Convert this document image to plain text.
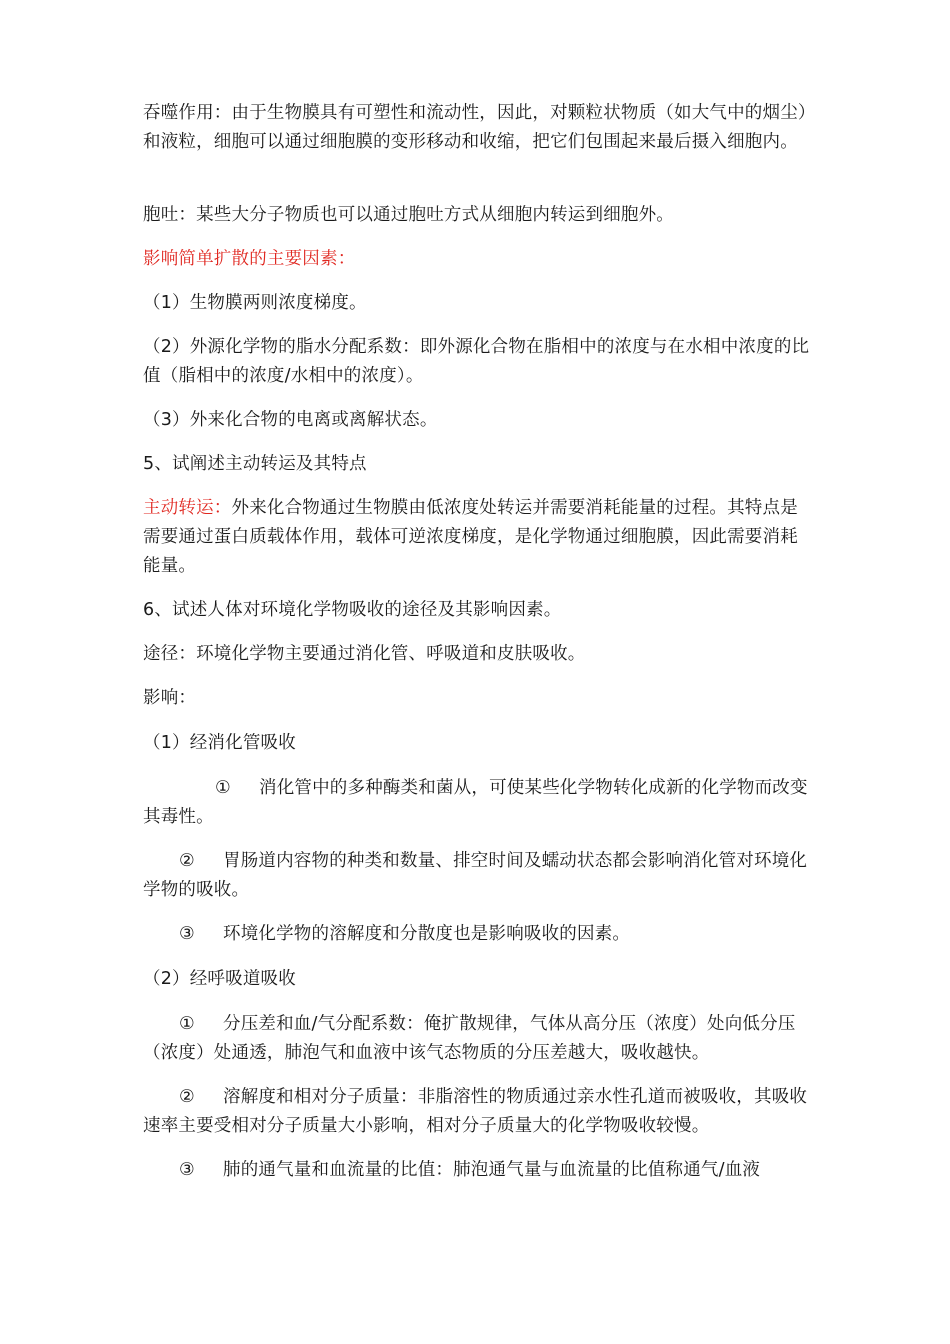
吞噬作用：由于生物膜具有可塑性和流动性，因此，对颗粒状物质（如大气中的烟尘）和液粒，细胞可以通过细胞膜的变形移动和收缩，把它们包围起来最后摄入细胞内。

胞吐：某些大分子物质也可以通过胞吐方式从细胞内转运到细胞外。

影响简单扩散的主要因素：

（1）生物膜两则浓度梯度。

（2）外源化学物的脂水分配系数：即外源化合物在脂相中的浓度与在水相中浓度的比值（脂相中的浓度/水相中的浓度）。

（3）外来化合物的电离或离解状态。

5、试阐述主动转运及其特点

主动转运：外来化合物通过生物膜由低浓度处转运并需要消耗能量的过程。其特点是需要通过蛋白质载体作用，载体可逆浓度梯度，是化学物通过细胞膜，因此需要消耗能量。

6、试述人体对环境化学物吸收的途径及其影响因素。

途径：环境化学物主要通过消化管、呼吸道和皮肤吸收。

影响：

（1）经消化管吸收

① 消化管中的多种酶类和菌从，可使某些化学物转化成新的化学物而改变其毒性。

② 胃肠道内容物的种类和数量、排空时间及蠕动状态都会影响消化管对环境化学物的吸收。

③ 环境化学物的溶解度和分散度也是影响吸收的因素。

（2）经呼吸道吸收

① 分压差和血/气分配系数：俺扩散规律，气体从高分压（浓度）处向低分压（浓度）处通透，肺泡气和血液中该气态物质的分压差越大，吸收越快。

② 溶解度和相对分子质量：非脂溶性的物质通过亲水性孔道而被吸收，其吸收速率主要受相对分子质量大小影响，相对分子质量大的化学物吸收较慢。

③ 肺的通气量和血流量的比值：肺泡通气量与血流量的比值称通气/血液
